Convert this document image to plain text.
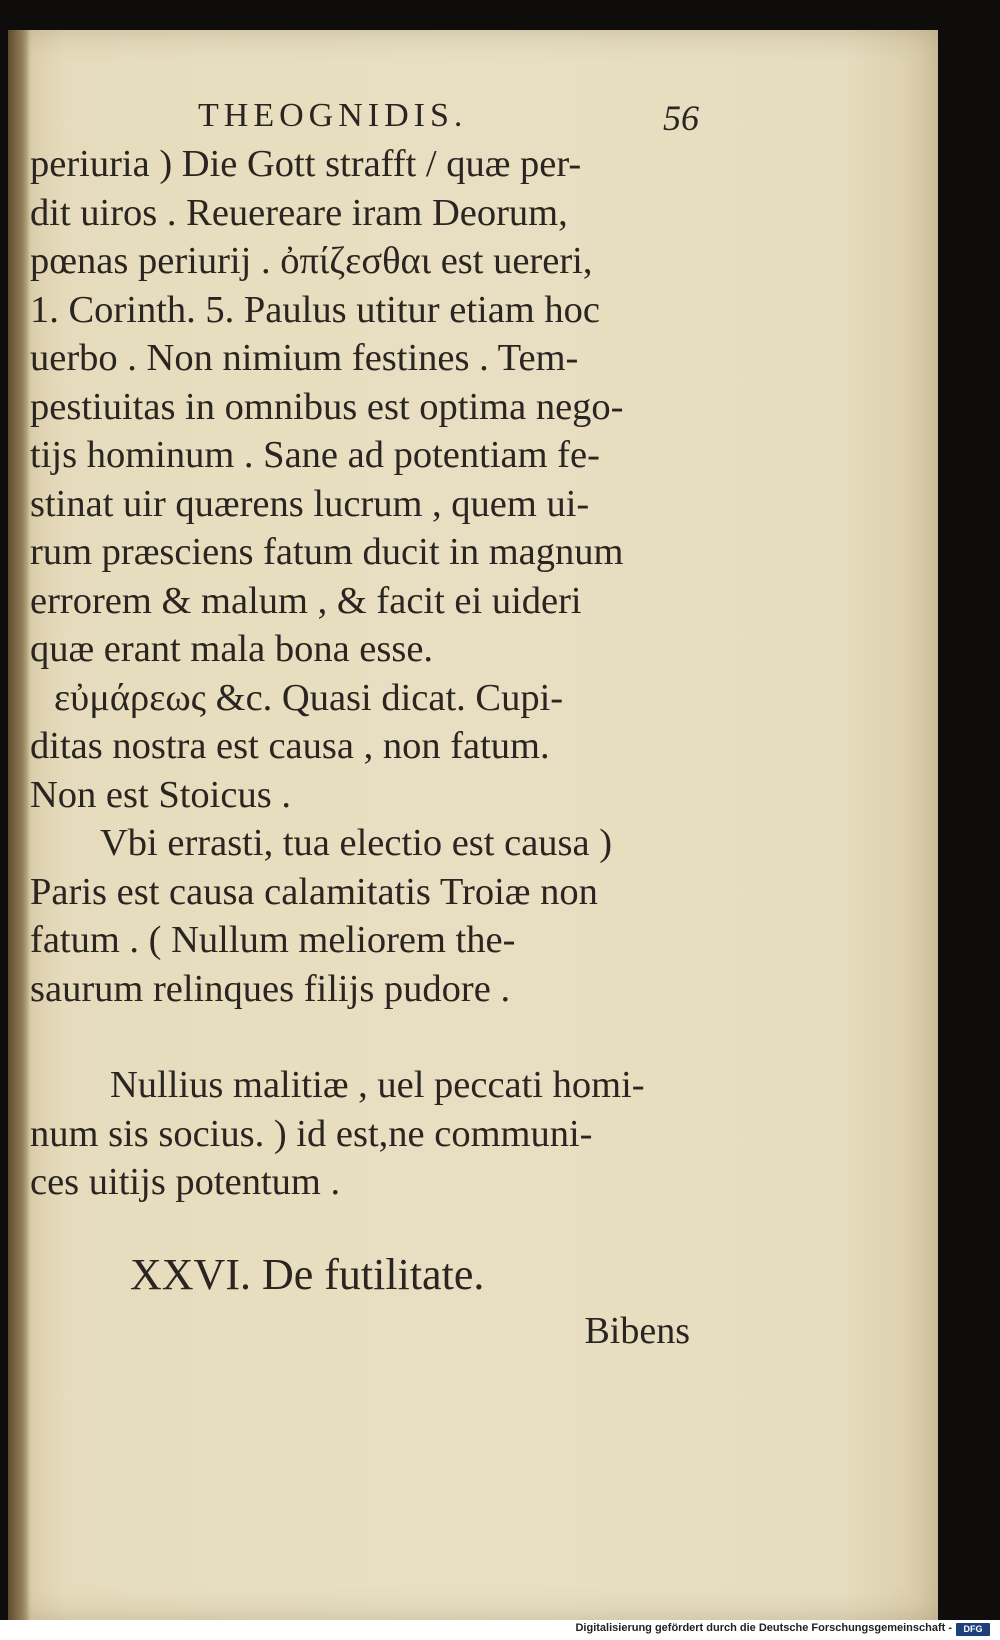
THEOGNIDIS.	56
periuria ) Die Gott strafft / quæ per-
dit uiros . Reuereare iram Deorum,
pœnas periurij . ὀπίζεσθαι est uereri,
1. Corinth. 5. Paulus utitur etiam hoc
uerbo . Non nimium festines . Tem-
pestiuitas in omnibus est optima nego-
tijs hominum . Sane ad potentiam fe-
stinat uir quærens lucrum , quem ui-
rum præsciens fatum ducit in magnum
errorem & malum , & facit ei uideri
quæ erant mala bona esse.
εὐμάρεως &c. Quasi dicat. Cupi-
ditas nostra est causa , non fatum.
Non est Stoicus .
Vbi errasti, tua electio est causa )
Paris est causa calamitatis Troiæ non
fatum . ( Nullum meliorem the-
saurum relinques filijs pudore .
Nullius malitiæ , uel peccati homi-
num sis socius. ) id est,ne communi-
ces uitijs potentum .
XXVI. De futilitate.
Bibens
Digitalisierung gefördert durch die Deutsche Forschungsgemeinschaft -	DFG
